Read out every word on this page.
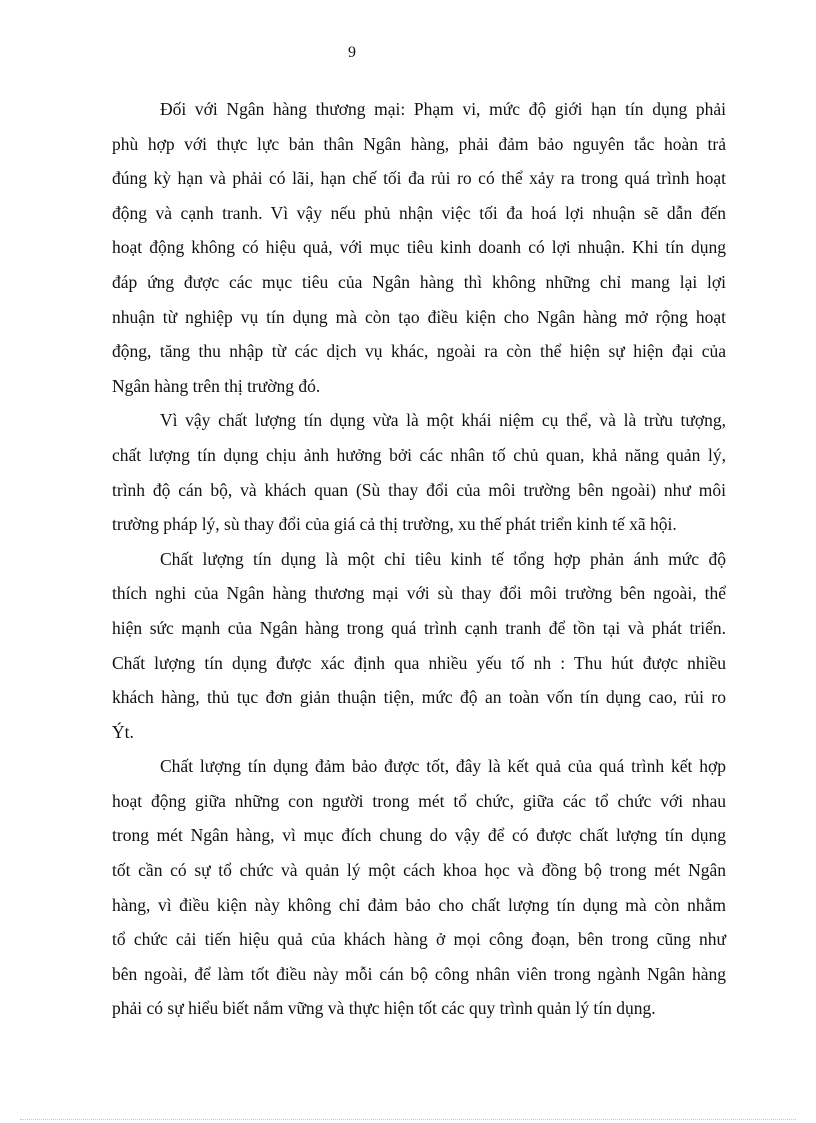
9
Đối với Ngân hàng thương mại: Phạm vi, mức độ giới hạn tín dụng phải
phù hợp với thực lực bản thân Ngân hàng, phải đảm bảo nguyên tắc hoàn trả
đúng kỳ hạn và phải có lãi, hạn chế tối đa rủi ro có thể xảy ra trong quá trình hoạt
động và cạnh tranh. Vì vậy nếu phủ nhận việc tối đa hoá lợi nhuận sẽ dẫn đến
hoạt động không có hiệu quả, với mục tiêu kinh doanh có lợi nhuận. Khi tín dụng
đáp ứng được các mục tiêu của Ngân hàng thì không những chỉ mang lại lợi
nhuận từ nghiệp vụ tín dụng mà còn tạo điều kiện cho Ngân hàng mở rộng hoạt
động, tăng thu nhập từ các dịch vụ khác, ngoài ra còn thể hiện sự hiện đại của
Ngân hàng trên thị trường đó.
Vì vậy chất lượng tín dụng vừa là một khái niệm cụ thể, và là trừu tượng,
chất lượng tín dụng chịu ảnh hưởng bởi các nhân tố chủ quan, khả năng quản lý,
trình độ cán bộ, và khách quan (Sù thay đổi của môi trường bên ngoài) như môi
trường pháp lý, sù thay đổi của giá cả thị trường, xu thế phát triển kinh tế xã hội.
Chất lượng tín dụng là một chỉ tiêu kinh tế tổng hợp phản ánh mức độ
thích nghi của Ngân hàng thương mại với sù thay đổi môi trường bên ngoài, thể
hiện sức mạnh của Ngân hàng trong quá trình cạnh tranh để tồn tại và phát triển.
Chất lượng tín dụng được xác định qua nhiều yếu tố nh : Thu hút được nhiều
khách hàng, thủ tục đơn giản thuận tiện, mức độ an toàn vốn tín dụng cao, rủi ro
Ýt.
Chất lượng tín dụng đảm bảo được tốt, đây là kết quả của quá trình kết hợp
hoạt động giữa những con người trong mét tổ chức, giữa các tổ chức với nhau
trong mét Ngân hàng, vì mục đích chung do vậy để có được chất lượng tín dụng
tốt cần có sự tổ chức và quản lý một cách khoa học và đồng bộ trong mét Ngân
hàng, vì điều kiện này không chỉ đảm bảo cho chất lượng tín dụng mà còn nhằm
tổ chức cải tiến hiệu quả của khách hàng ở mọi công đoạn, bên trong cũng như
bên ngoài, để làm tốt điều này mỗi cán bộ công nhân viên trong ngành Ngân hàng
phải có sự hiểu biết nắm vững và thực hiện tốt các quy trình quản lý tín dụng.
